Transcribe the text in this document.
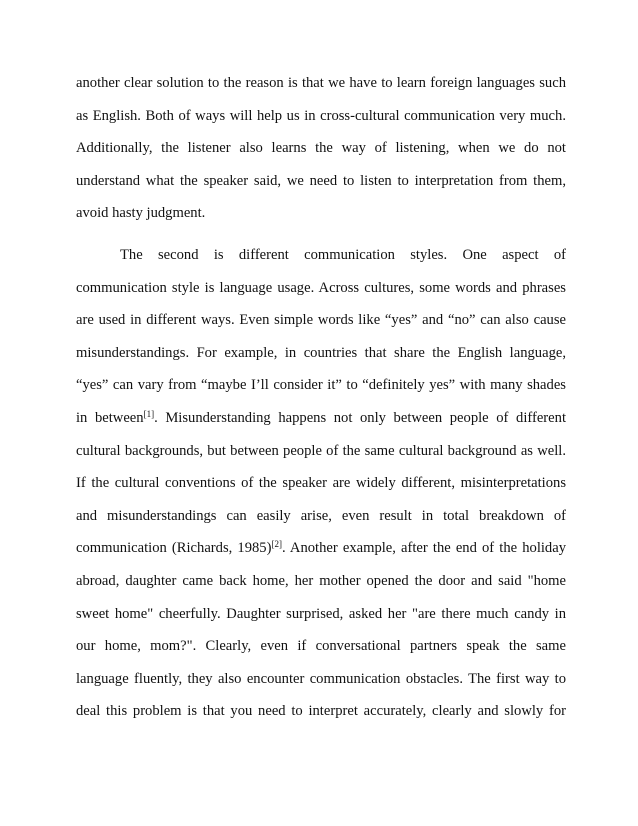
another clear solution to the reason is that we have to learn foreign languages such
as English. Both of ways will help us in cross-cultural communication very much.
Additionally, the listener also learns the way of listening, when we do not
understand what the speaker said, we need to listen to interpretation from them,
avoid hasty judgment.
The second is different communication styles. One aspect of
communication style is language usage. Across cultures, some words and phrases
are used in different ways. Even simple words like “yes” and “no” can also cause
misunderstandings. For example, in countries that share the English language,
“yes” can vary from “maybe I’ll consider it” to “definitely yes” with many shades
in between[1]. Misunderstanding happens not only between people of different
cultural backgrounds, but between people of the same cultural background as well.
If the cultural conventions of the speaker are widely different, misinterpretations
and misunderstandings can easily arise, even result in total breakdown of
communication (Richards, 1985)[2]. Another example, after the end of the holiday
abroad, daughter came back home, her mother opened the door and said "home
sweet home" cheerfully. Daughter surprised, asked her "are there much candy in
our home, mom?". Clearly, even if conversational partners speak the same
language fluently, they also encounter communication obstacles. The first way to
deal this problem is that you need to interpret accurately, clearly and slowly for
